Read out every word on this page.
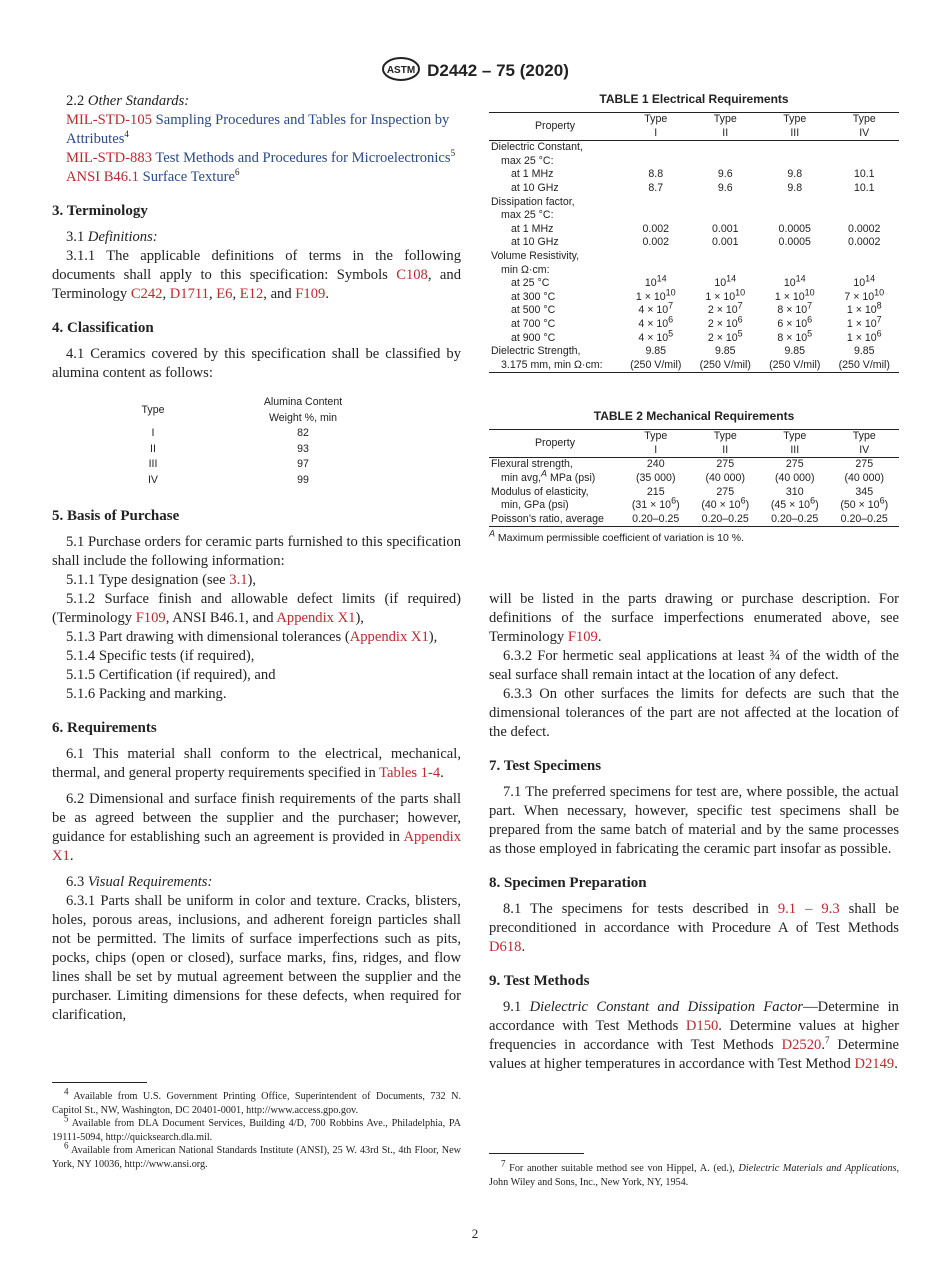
ASTM D2442 – 75 (2020)

2.2 Other Standards:

MIL-STD-105 Sampling Procedures and Tables for Inspection by Attributes$^4$

MIL-STD-883 Test Methods and Procedures for Microelectronics$^5$

ANSI B46.1 Surface Texture$^6$

3. Terminology

3.1 Definitions:

3.1.1 The applicable definitions of terms in the following documents shall apply to this specification: Symbols C108, and Terminology C242, D1711, E6, E12, and F109.

4. Classification

4.1 Ceramics covered by this specification shall be classified by alumina content as follows:

Type	Alumina Content
	Weight %, min
I	82
II	93
III	97
IV	99
5. Basis of Purchase

5.1 Purchase orders for ceramic parts furnished to this specification shall include the following information:

5.1.1 Type designation (see 3.1),

5.1.2 Surface finish and allowable defect limits (if required) (Terminology F109, ANSI B46.1, and Appendix X1),

5.1.3 Part drawing with dimensional tolerances (Appendix X1),

5.1.4 Specific tests (if required),

5.1.5 Certification (if required), and

5.1.6 Packing and marking.

6. Requirements

6.1 This material shall conform to the electrical, mechanical, thermal, and general property requirements specified in Tables 1-4.

6.2 Dimensional and surface finish requirements of the parts shall be as agreed between the supplier and the purchaser; however, guidance for establishing such an agreement is provided in Appendix X1.

6.3 Visual Requirements:

6.3.1 Parts shall be uniform in color and texture. Cracks, blisters, holes, porous areas, inclusions, and adherent foreign particles shall not be permitted. The limits of surface imperfections such as pits, pocks, chips (open or closed), surface marks, fins, ridges, and flow lines shall be set by mutual agreement between the supplier and the purchaser. Limiting dimensions for these defects, when required for clarification,

$^4$ Available from U.S. Government Printing Office, Superintendent of Documents, 732 N. Capitol St., NW, Washington, DC 20401-0001, http://www.access.gpo.gov.
$^5$ Available from DLA Document Services, Building 4/D, 700 Robbins Ave., Philadelphia, PA 19111-5094, http://quicksearch.dla.mil.
$^6$ Available from American National Standards Institute (ANSI), 25 W. 43rd St., 4th Floor, New York, NY 10036, http://www.ansi.org.
TABLE 1 Electrical Requirements
Property	Type	Type	Type	Type
	I	II	III	IV
Dielectric Constant,				
max 25 °C:				
at 1 MHz	8.8	9.6	9.8	10.1
at 10 GHz	8.7	9.6	9.8	10.1
Dissipation factor,				
max 25 °C:				
at 1 MHz	0.002	0.001	0.0005	0.0002
at 10 GHz	0.002	0.001	0.0005	0.0002
Volume Resistivity,				
min Ω·cm:				
at 25 °C	$10^{14}$	$10^{14}$	$10^{14}$	$10^{14}$
at 300 °C	$1 \times 10^{10}$	$1 \times 10^{10}$	$1 \times 10^{10}$	$7 \times 10^{10}$
at 500 °C	$4 \times 10^7$	$2 \times 10^7$	$8 \times 10^7$	$1 \times 10^8$
at 700 °C	$4 \times 10^6$	$2 \times 10^6$	$6 \times 10^6$	$1 \times 10^7$
at 900 °C	$4 \times 10^5$	$2 \times 10^5$	$8 \times 10^5$	$1 \times 10^6$
Dielectric Strength,	9.85	9.85	9.85	9.85
3.175 mm, min Ω·cm:	(250 V/mil)	(250 V/mil)	(250 V/mil)	(250 V/mil)
TABLE 2 Mechanical Requirements
Property	Type	Type	Type	Type
	I	II	III	IV
Flexural strength,	240	275	275	275
min avg,$^A$ MPa (psi)	(35 000)	(40 000)	(40 000)	(40 000)
Modulus of elasticity,	215	275	310	345
min, GPa (psi)	$(31 \times 10^6)$	$(40 \times 10^6)$	$(45 \times 10^6)$	$(50 \times 10^6)$
Poisson’s ratio, average	0.20–0.25	0.20–0.25	0.20–0.25	0.20–0.25
$^A$ Maximum permissible coefficient of variation is 10 %.

will be listed in the parts drawing or purchase description. For definitions of the surface imperfections enumerated above, see Terminology F109.

6.3.2 For hermetic seal applications at least ¾ of the width of the seal surface shall remain intact at the location of any defect.

6.3.3 On other surfaces the limits for defects are such that the dimensional tolerances of the part are not affected at the location of the defect.

7. Test Specimens

7.1 The preferred specimens for test are, where possible, the actual part. When necessary, however, specific test specimens shall be prepared from the same batch of material and by the same processes as those employed in fabricating the ceramic part insofar as possible.

8. Specimen Preparation

8.1 The specimens for tests described in 9.1 – 9.3 shall be preconditioned in accordance with Procedure A of Test Methods D618.

9. Test Methods

9.1 Dielectric Constant and Dissipation Factor—Determine in accordance with Test Methods D150. Determine values at higher frequencies in accordance with Test Methods D2520.$^7$ Determine values at higher temperatures in accordance with Test Method D2149.

$^7$ For another suitable method see von Hippel, A. (ed.), Dielectric Materials and Applications, John Wiley and Sons, Inc., New York, NY, 1954.
2
